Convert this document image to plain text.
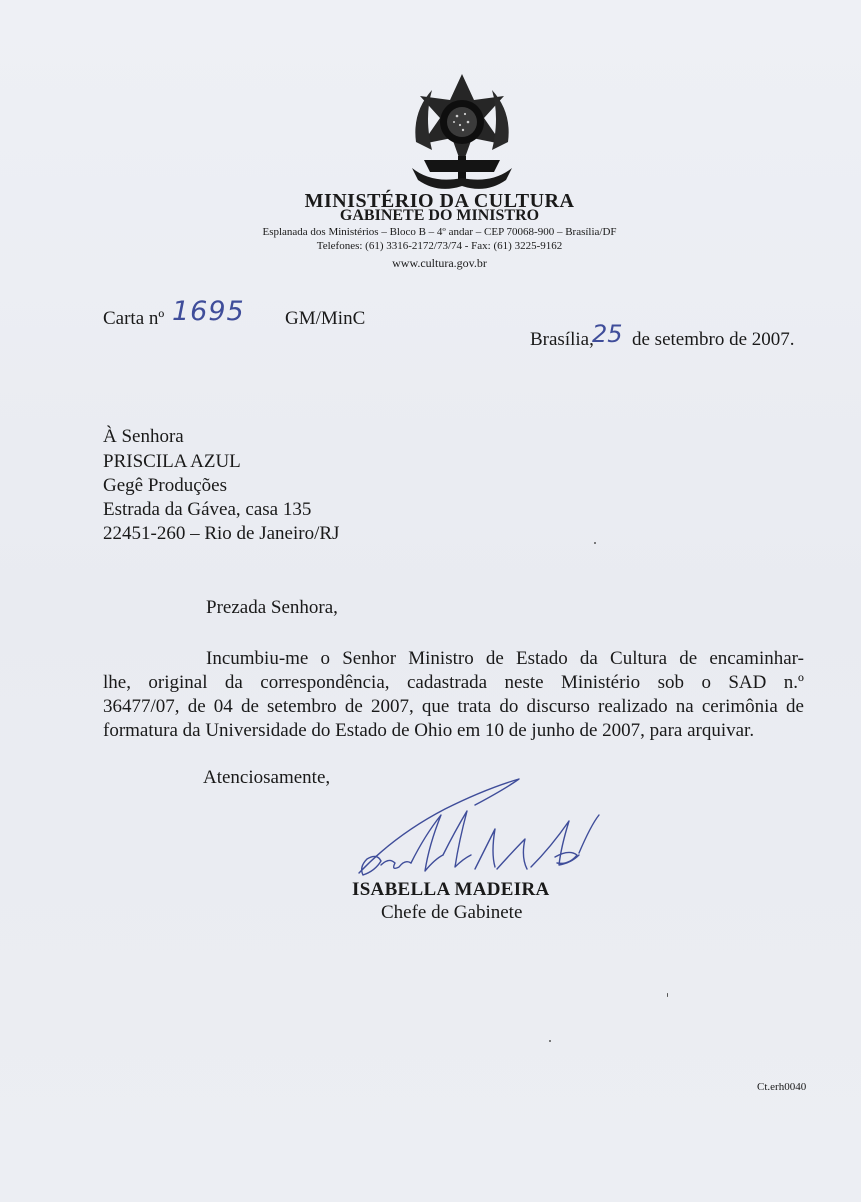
MINISTÉRIO DA CULTURA
GABINETE DO MINISTRO
Esplanada dos Ministérios – Bloco B – 4º andar – CEP 70068-900 – Brasília/DF
Telefones: (61) 3316-2172/73/74 - Fax: (61) 3225-9162
www.cultura.gov.br
Carta nº 1695 GM/MinC
Brasília,
25 de setembro de 2007.
À Senhora
PRISCILA AZUL
Gegê Produções
Estrada da Gávea, casa 135
22451-260 – Rio de Janeiro/RJ
Prezada Senhora,
Incumbiu-me o Senhor Ministro de Estado da Cultura de encaminhar-
lhe, original da correspondência, cadastrada neste Ministério sob o SAD n.º
36477/07, de 04 de setembro de 2007, que trata do discurso realizado na cerimônia de
formatura da Universidade do Estado de Ohio em 10 de junho de 2007, para arquivar.
Atenciosamente,
ISABELLA MADEIRA
Chefe de Gabinete
Ct.erh0040
